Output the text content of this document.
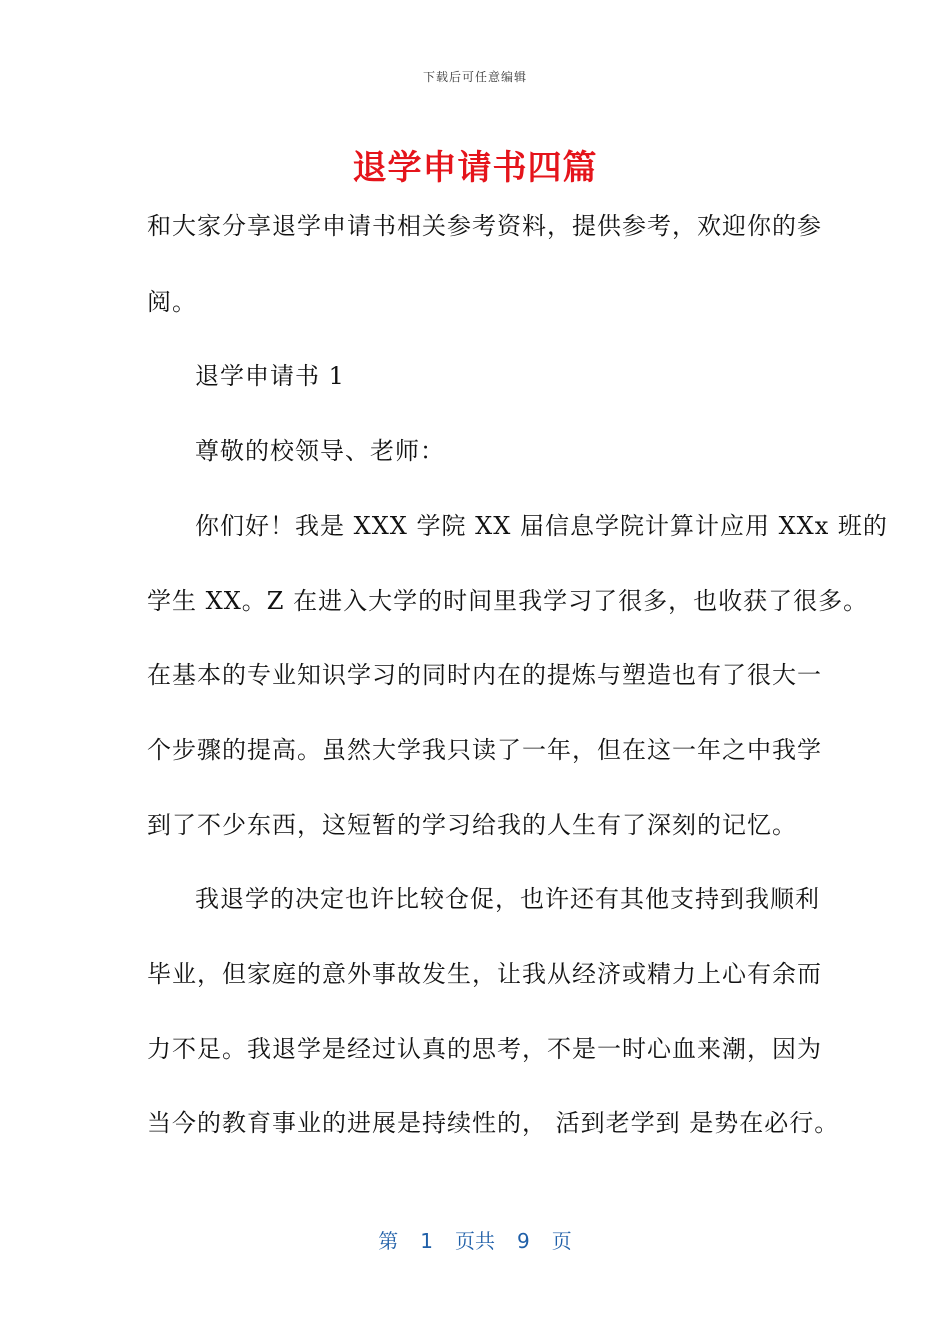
下载后可任意编辑
退学申请书四篇
和大家分享退学申请书相关参考资料，提供参考，欢迎你的参
阅。
退学申请书 1
尊敬的校领导、老师：
你们好！我是 XXX 学院 XX 届信息学院计算计应用 XXx 班的
学生 XX。Z 在进入大学的时间里我学习了很多，也收获了很多。
在基本的专业知识学习的同时内在的提炼与塑造也有了很大一
个步骤的提高。虽然大学我只读了一年，但在这一年之中我学
到了不少东西，这短暂的学习给我的人生有了深刻的记忆。
我退学的决定也许比较仓促，也许还有其他支持到我顺利
毕业，但家庭的意外事故发生，让我从经济或精力上心有余而
力不足。我退学是经过认真的思考，不是一时心血来潮，因为
当今的教育事业的进展是持续性的， 活到老学到 是势在必行。
第 1 页共 9 页
